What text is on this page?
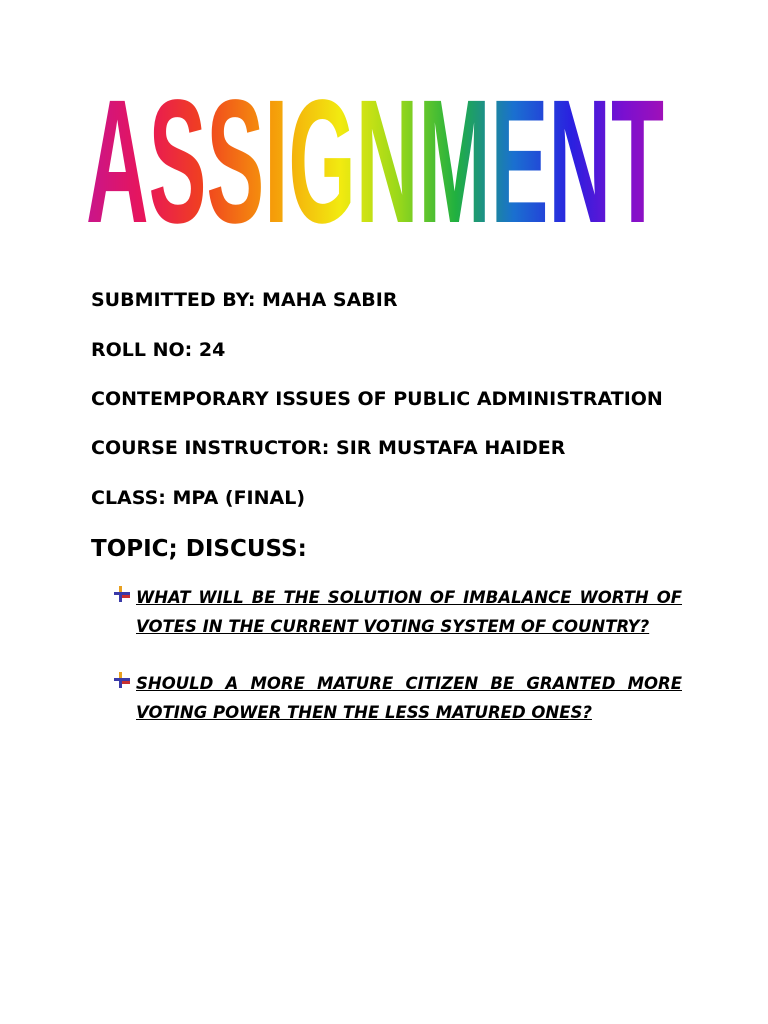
ASSIGNMENT
SUBMITTED BY: MAHA SABIR
ROLL NO: 24
CONTEMPORARY ISSUES OF PUBLIC ADMINISTRATION
COURSE INSTRUCTOR: SIR MUSTAFA HAIDER
CLASS: MPA (FINAL)
TOPIC; DISCUSS:
WHAT WILL BE THE SOLUTION OF IMBALANCE WORTH OF VOTES IN THE CURRENT VOTING SYSTEM OF COUNTRY?
SHOULD A MORE MATURE CITIZEN BE GRANTED MORE VOTING POWER THEN THE LESS MATURED ONES?
